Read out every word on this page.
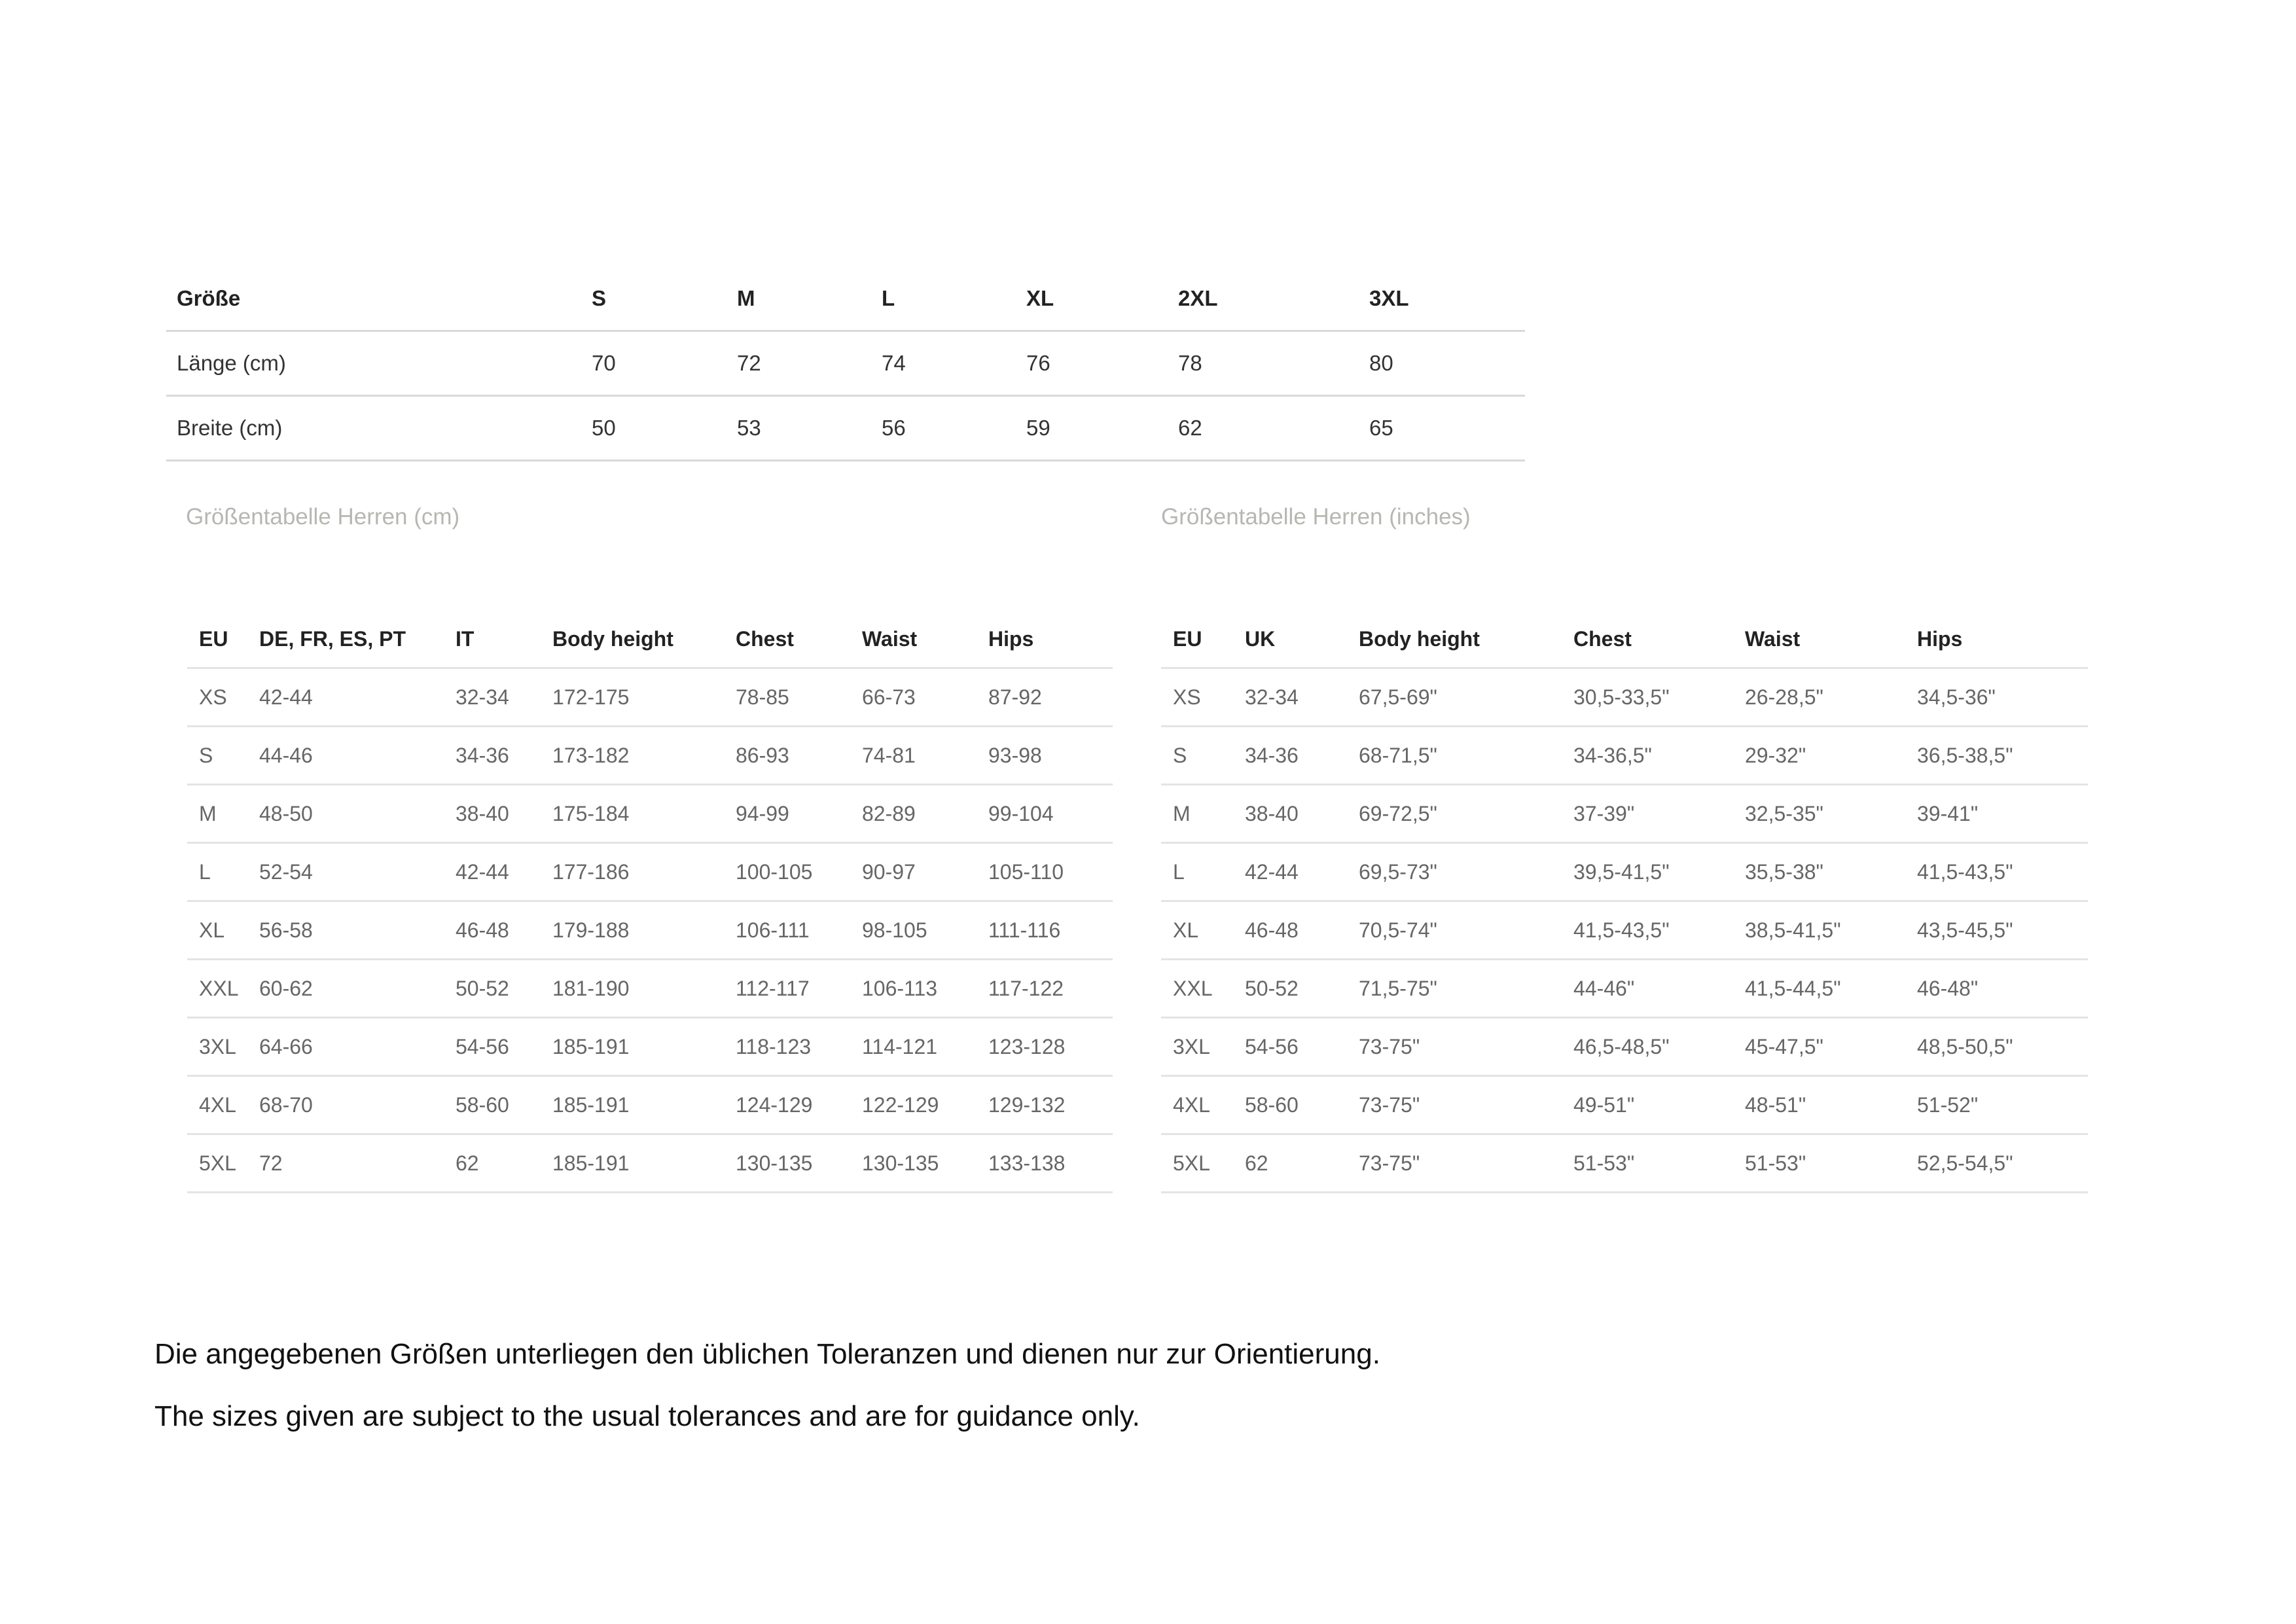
Größe	S	M	L	XL	2XL	3XL
Länge (cm)	70	72	74	76	78	80
Breite (cm)	50	53	56	59	62	65
Größentabelle Herren (cm)	Größentabelle Herren (inches)
EU	DE, FR, ES, PT	IT	Body height	Chest	Waist	Hips
XS	42-44	32-34	172-175	78-85	66-73	87-92
S	44-46	34-36	173-182	86-93	74-81	93-98
M	48-50	38-40	175-184	94-99	82-89	99-104
L	52-54	42-44	177-186	100-105	90-97	105-110
XL	56-58	46-48	179-188	106-111	98-105	111-116
XXL	60-62	50-52	181-190	112-117	106-113	117-122
3XL	64-66	54-56	185-191	118-123	114-121	123-128
4XL	68-70	58-60	185-191	124-129	122-129	129-132
5XL	72	62	185-191	130-135	130-135	133-138
EU	UK	Body height	Chest	Waist	Hips
XS	32-34	67,5-69"	30,5-33,5"	26-28,5"	34,5-36"
S	34-36	68-71,5"	34-36,5"	29-32"	36,5-38,5"
M	38-40	69-72,5"	37-39"	32,5-35"	39-41"
L	42-44	69,5-73"	39,5-41,5"	35,5-38"	41,5-43,5"
XL	46-48	70,5-74"	41,5-43,5"	38,5-41,5"	43,5-45,5"
XXL	50-52	71,5-75"	44-46"	41,5-44,5"	46-48"
3XL	54-56	73-75"	46,5-48,5"	45-47,5"	48,5-50,5"
4XL	58-60	73-75"	49-51"	48-51"	51-52"
5XL	62	73-75"	51-53"	51-53"	52,5-54,5"

Die angegebenen Größen unterliegen den üblichen Toleranzen und dienen nur zur Orientierung.

The sizes given are subject to the usual tolerances and are for guidance only.
